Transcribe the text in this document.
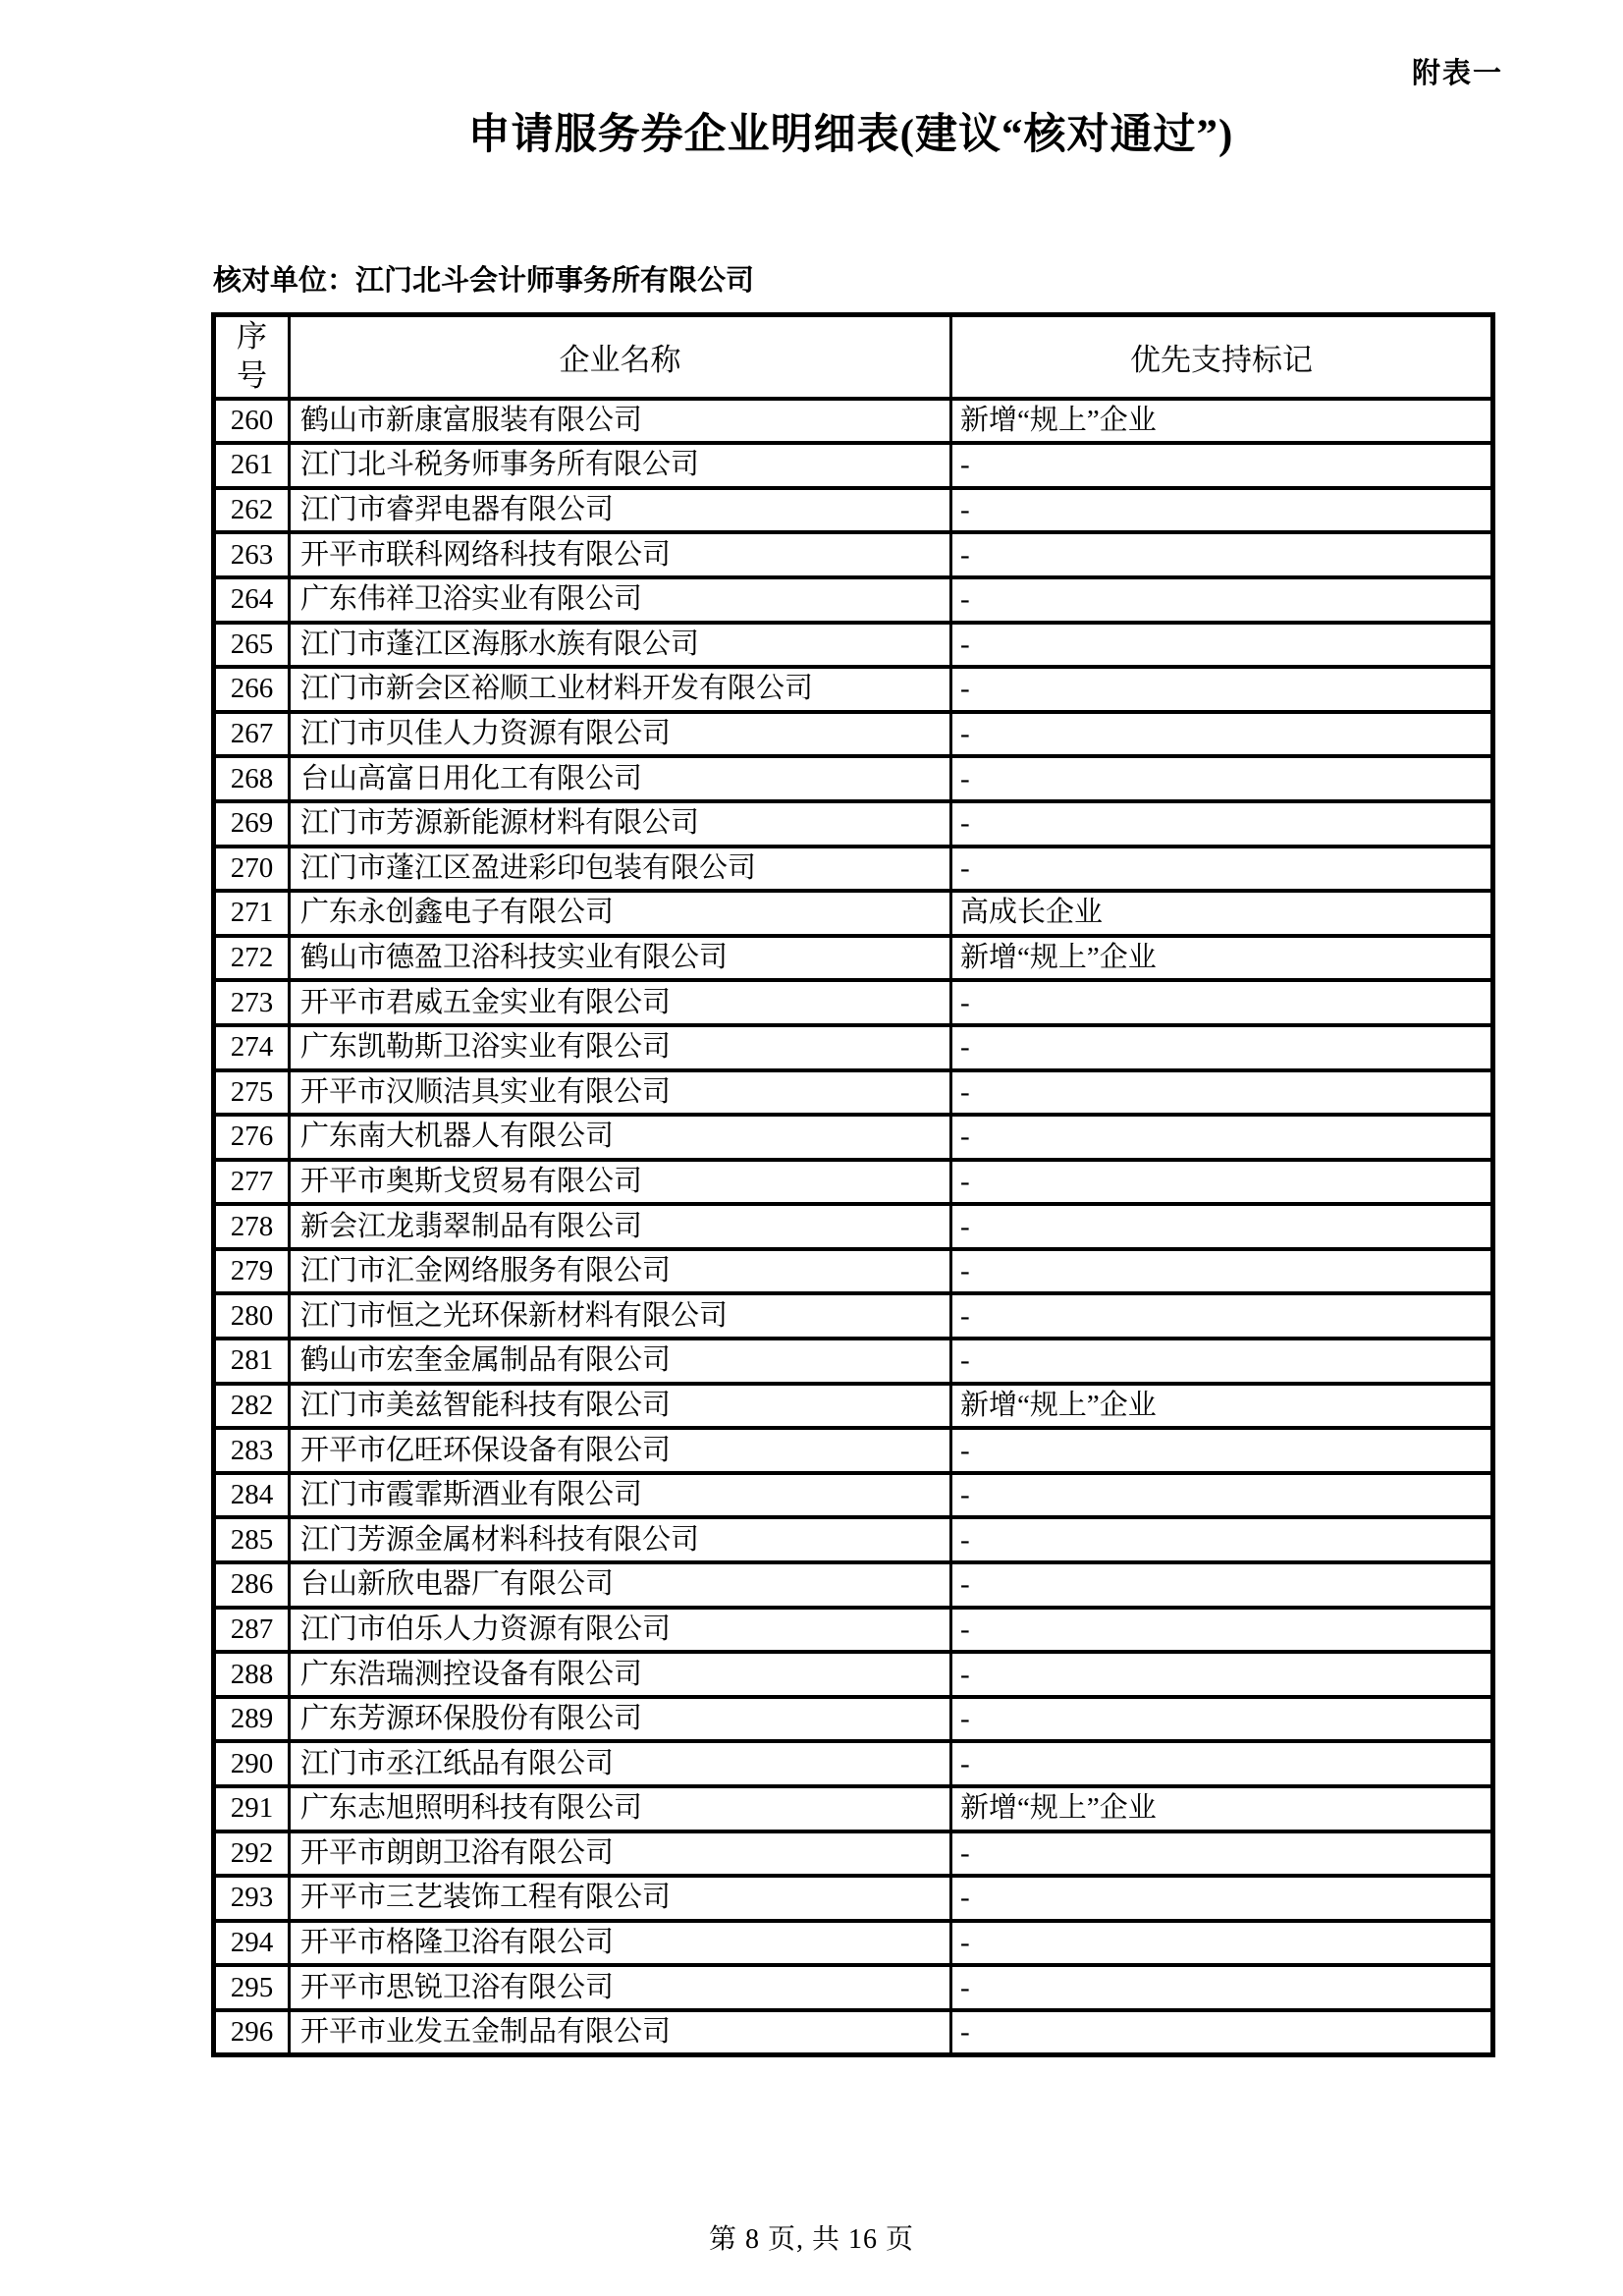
附表一
申请服务券企业明细表(建议“核对通过”)
核对单位：江门北斗会计师事务所有限公司
序号	企业名称	优先支持标记
260	鹤山市新康富服装有限公司	新增“规上”企业
261	江门北斗税务师事务所有限公司	-
262	江门市睿羿电器有限公司	-
263	开平市联科网络科技有限公司	-
264	广东伟祥卫浴实业有限公司	-
265	江门市蓬江区海豚水族有限公司	-
266	江门市新会区裕顺工业材料开发有限公司	-
267	江门市贝佳人力资源有限公司	-
268	台山高富日用化工有限公司	-
269	江门市芳源新能源材料有限公司	-
270	江门市蓬江区盈进彩印包装有限公司	-
271	广东永创鑫电子有限公司	高成长企业
272	鹤山市德盈卫浴科技实业有限公司	新增“规上”企业
273	开平市君威五金实业有限公司	-
274	广东凯勒斯卫浴实业有限公司	-
275	开平市汉顺洁具实业有限公司	-
276	广东南大机器人有限公司	-
277	开平市奥斯戈贸易有限公司	-
278	新会江龙翡翠制品有限公司	-
279	江门市汇金网络服务有限公司	-
280	江门市恒之光环保新材料有限公司	-
281	鹤山市宏奎金属制品有限公司	-
282	江门市美兹智能科技有限公司	新增“规上”企业
283	开平市亿旺环保设备有限公司	-
284	江门市霞霏斯酒业有限公司	-
285	江门芳源金属材料科技有限公司	-
286	台山新欣电器厂有限公司	-
287	江门市伯乐人力资源有限公司	-
288	广东浩瑞测控设备有限公司	-
289	广东芳源环保股份有限公司	-
290	江门市丞江纸品有限公司	-
291	广东志旭照明科技有限公司	新增“规上”企业
292	开平市朗朗卫浴有限公司	-
293	开平市三艺装饰工程有限公司	-
294	开平市格隆卫浴有限公司	-
295	开平市思锐卫浴有限公司	-
296	开平市业发五金制品有限公司	-
第 8 页, 共 16 页
